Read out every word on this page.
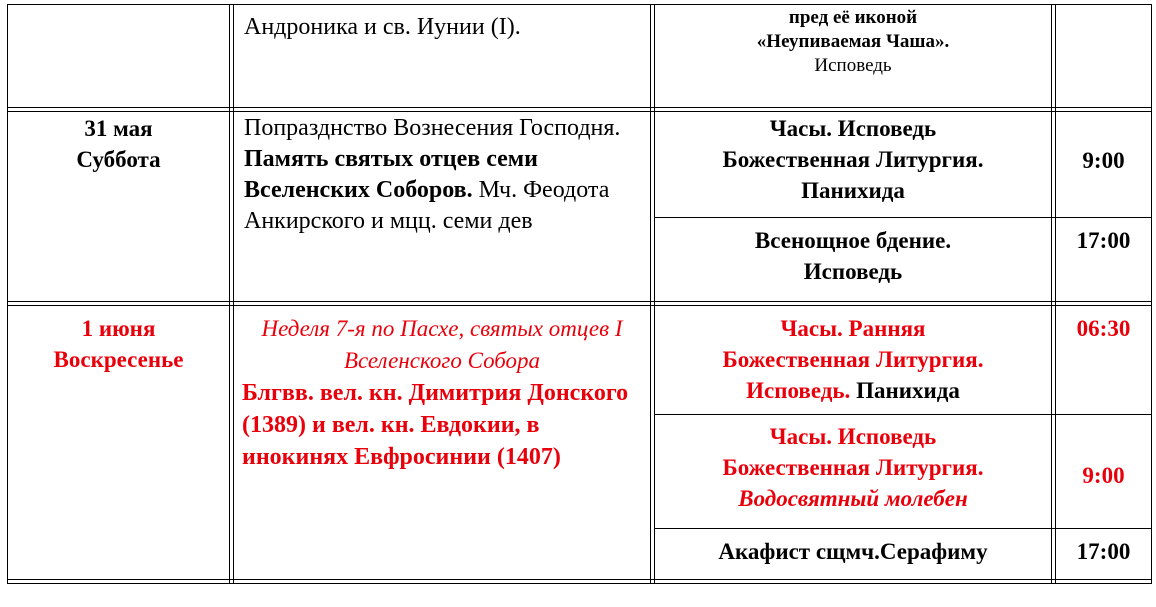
Андроника и св. Иунии (I).	пред её иконой
«Неупиваемая Чаша».
Исповедь
31 мая
Суббота
Попразднство Вознесения Господня. Память святых отцев семи Вселенских Соборов. Мч. Феодота Анкирского и мцц. семи дев
Часы. Исповедь
Божественная Литургия.
Панихида
9:00
Всенощное бдение.
Исповедь
17:00
1 июня
Воскресенье
Неделя 7-я по Пасхе, святых отцев I Вселенского Собора
Блгвв. вел. кн. Димитрия Донского (1389) и вел. кн. Евдокии, в инокинях Евфросинии (1407)
Часы. Ранняя
Божественная Литургия.
Исповедь. Панихида
06:30
Часы. Исповедь
Божественная Литургия.
Водосвятный молебен
9:00
Акафист сщмч.Серафиму	17:00
